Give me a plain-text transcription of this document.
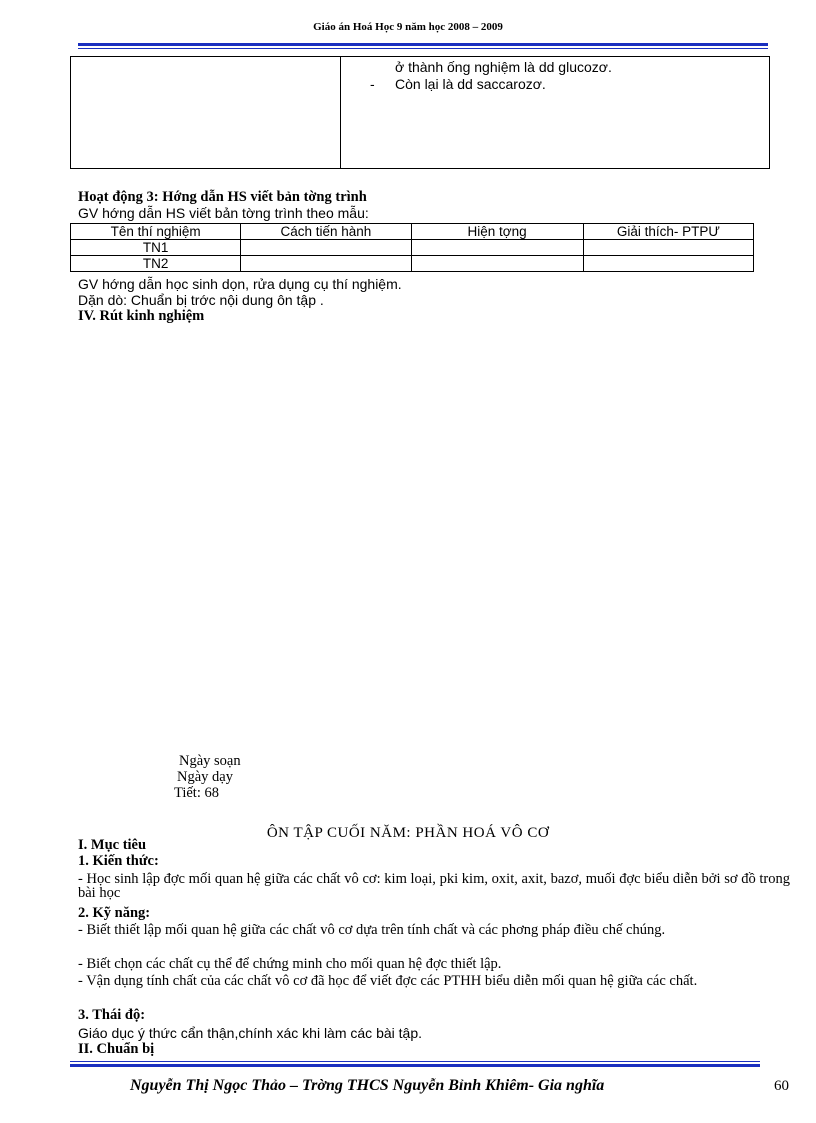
Giáo án Hoá Học 9 năm học 2008 – 2009
ở thành ống nghiệm là dd glucozơ.
- Còn lại là dd saccarozơ.
Hoạt động 3: Hớng dẫn HS viết bản tờng trình
GV hớng dẫn HS viết bản tờng trình theo mẫu:
Tên thí nghiệm	Cách tiến hành	Hiện tợng	Giải thích- PTPƯ
TN1			
TN2			
GV hớng dẫn học sinh dọn, rửa dụng cụ thí nghiệm.
Dặn dò: Chuẩn bị trớc nội dung ôn tập .
IV. Rút kinh nghiệm
Ngày soạn
Ngày dạy
Tiết: 68
ÔN TẬP CUỐI NĂM: PHẦN HOÁ VÔ CƠ
I. Mục tiêu
1. Kiến thức:
- Học sinh lập đợc mối quan hệ giữa các chất vô cơ: kim loại, pki kim, oxit, axit, bazơ, muối đợc biểu diễn bởi sơ đồ trong bài học
2. Kỹ năng:
- Biết thiết lập mối quan hệ giữa các chất vô cơ dựa trên tính chất và các phơng pháp điều chế chúng.
- Biết chọn các chất cụ thể để chứng minh cho mối quan hệ đợc thiết lập.
- Vận dụng tính chất của các chất vô cơ đã học để viết đợc các PTHH biểu diễn mối quan hệ giữa các chất.
3. Thái độ:
Giáo dục ý thức cẩn thận,chính xác khi làm các bài tập.
II. Chuẩn bị
Nguyễn Thị Ngọc Thảo – Trờng THCS Nguyễn Bỉnh Khiêm- Gia nghĩa	60
